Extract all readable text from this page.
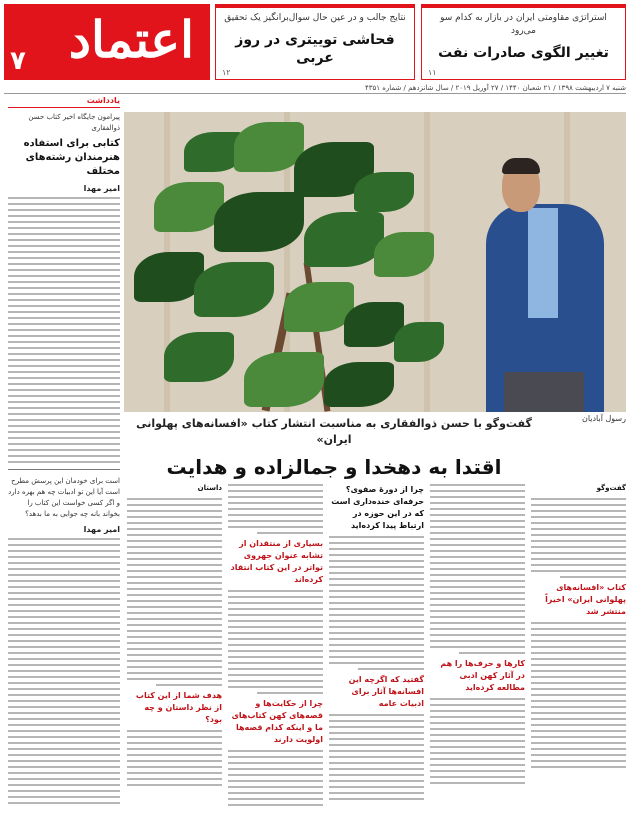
اعتماد
۷
نتایج جالب و در عین حال سوال‌برانگیز یک تحقیق
فحاشی توییتری در روز عربی
۱۲
استراتژی مقاومتی ایران در بازار به کدام سو می‌رود
تغییر الگوی صادرات نفت
۱۱
شنبه ۷ اردیبهشت ۱۳۹۸ / ۲۱ شعبان ۱۴۴۰ / ۲۷ آوریل ۲۰۱۹ / سال شانزدهم / شماره ۴۳۵۱
یادداشت
پیرامون جایگاه اخیر کتاب حسن ذوالفقاری
کتابی برای استفاده هنرمندان رشته‌های مختلف
امیر مهدا
است برای خودمان این پرسش مطرح است آیا این تو ادبیات چه هم بهره دارد و اگر کسی خواست این کتاب را بخواند بانه چه جوابی به ما بدهد؟
امیر مهدا
گفت‌وگو با حسن ذوالفقاری به مناسبت انتشار کتاب «افسانه‌های پهلوانی ایران»
اقتدا به دهخدا و جمالزاده و هدایت
رسول آبادیان
گفت‌وگو
کتاب «افسانه‌های پهلوانی ایران» اخیراً منتشر شد
کارها و حرف‌ها را هم در آثار کهن ادبی مطالعه کرده‌اید
چرا از دورهٔ صفوی؟ حرفه‌ای خنده‌داری است که در این حوزه در ارتباط پیدا کرده‌اید
گفتید که اگرچه این افسانه‌ها آثار برای ادبیات عامه
بسیاری از منتقدان از تشابه عنوان جهروی تواتر در این کتاب انتقاد کرده‌اند
چرا از حکایت‌ها و قصه‌های کهن کتاب‌های ما و اینکه کدام قصه‌ها اولویت دارند
داستان
هدف شما از این کتاب از نظر داستان و چه بود؟
